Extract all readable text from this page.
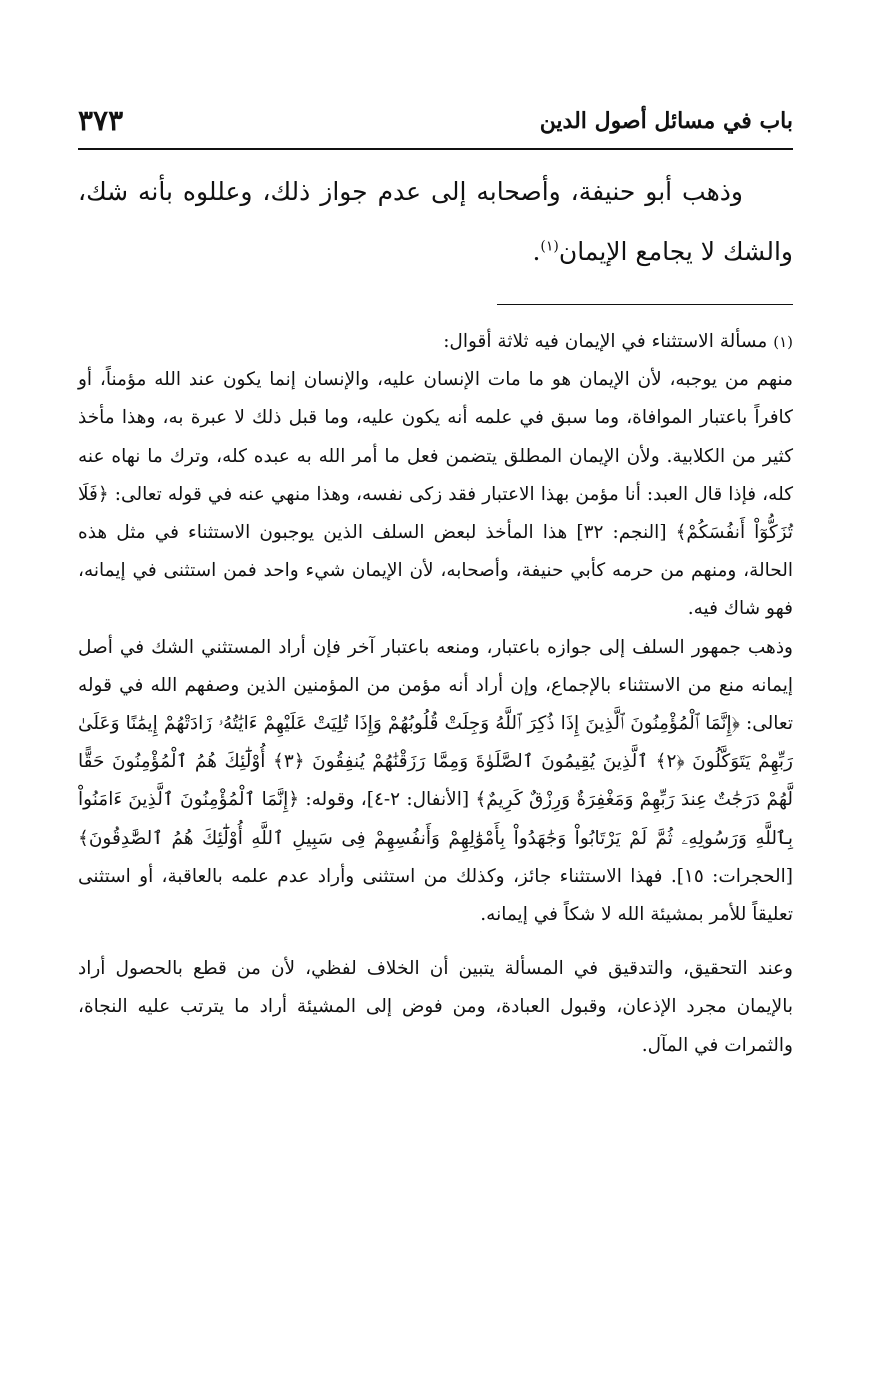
باب في مسائل أصول الدين
٣٧٣
وذهب أبو حنيفة، وأصحابه إلى عدم جواز ذلك، وعللوه بأنه شك، والشك لا يجامع الإيمان$^{(١)}$.

(١) مسألة الاستثناء في الإيمان فيه ثلاثة أقوال:

منهم من يوجبه، لأن الإيمان هو ما مات الإنسان عليه، والإنسان إنما يكون عند الله مؤمناً، أو كافراً باعتبار الموافاة، وما سبق في علمه أنه يكون عليه، وما قبل ذلك لا عبرة به، وهذا مأخذ كثير من الكلابية. ولأن الإيمان المطلق يتضمن فعل ما أمر الله به عبده كله، وترك ما نهاه عنه كله، فإذا قال العبد: أنا مؤمن بهذا الاعتبار فقد زكى نفسه، وهذا منهي عنه في قوله تعالى: ﴿فَلَا تُزَكُّوٓاْ أَنفُسَكُمْ﴾ [النجم: ٣٢] هذا المأخذ لبعض السلف الذين يوجبون الاستثناء في مثل هذه الحالة، ومنهم من حرمه كأبي حنيفة، وأصحابه، لأن الإيمان شيء واحد فمن استثنى في إيمانه، فهو شاك فيه.

وذهب جمهور السلف إلى جوازه باعتبار، ومنعه باعتبار آخر فإن أراد المستثني الشك في أصل إيمانه منع من الاستثناء بالإجماع، وإن أراد أنه مؤمن من المؤمنين الذين وصفهم الله في قوله تعالى: ﴿إِنَّمَا ٱلْمُؤْمِنُونَ ٱلَّذِينَ إِذَا ذُكِرَ ٱللَّهُ وَجِلَتْ قُلُوبُهُمْ وَإِذَا تُلِيَتْ عَلَيْهِمْ ءَايَٰتُهُۥ زَادَتْهُمْ إِيمَٰنًا وَعَلَىٰ رَبِّهِمْ يَتَوَكَّلُونَ ﴿٢﴾ ٱلَّذِينَ يُقِيمُونَ ٱلصَّلَوٰةَ وَمِمَّا رَزَقْنَٰهُمْ يُنفِقُونَ ﴿٣﴾ أُوْلَٰٓئِكَ هُمُ ٱلْمُؤْمِنُونَ حَقًّا لَّهُمْ دَرَجَٰتٌ عِندَ رَبِّهِمْ وَمَغْفِرَةٌ وَرِزْقٌ كَرِيمٌ﴾ [الأنفال: ٢-٤]، وقوله: ﴿إِنَّمَا ٱلْمُؤْمِنُونَ ٱلَّذِينَ ءَامَنُواْ بِٱللَّهِ وَرَسُولِهِۦ ثُمَّ لَمْ يَرْتَابُواْ وَجَٰهَدُواْ بِأَمْوَٰلِهِمْ وَأَنفُسِهِمْ فِى سَبِيلِ ٱللَّهِ أُوْلَٰٓئِكَ هُمُ ٱلصَّٰدِقُونَ﴾ [الحجرات: ١٥]. فهذا الاستثناء جائز، وكذلك من استثنى وأراد عدم علمه بالعاقبة، أو استثنى تعليقاً للأمر بمشيئة الله لا شكاً في إيمانه.

وعند التحقيق، والتدقيق في المسألة يتبين أن الخلاف لفظي، لأن من قطع بالحصول أراد بالإيمان مجرد الإذعان، وقبول العبادة، ومن فوض إلى المشيئة أراد ما يترتب عليه النجاة، والثمرات في المآل.
